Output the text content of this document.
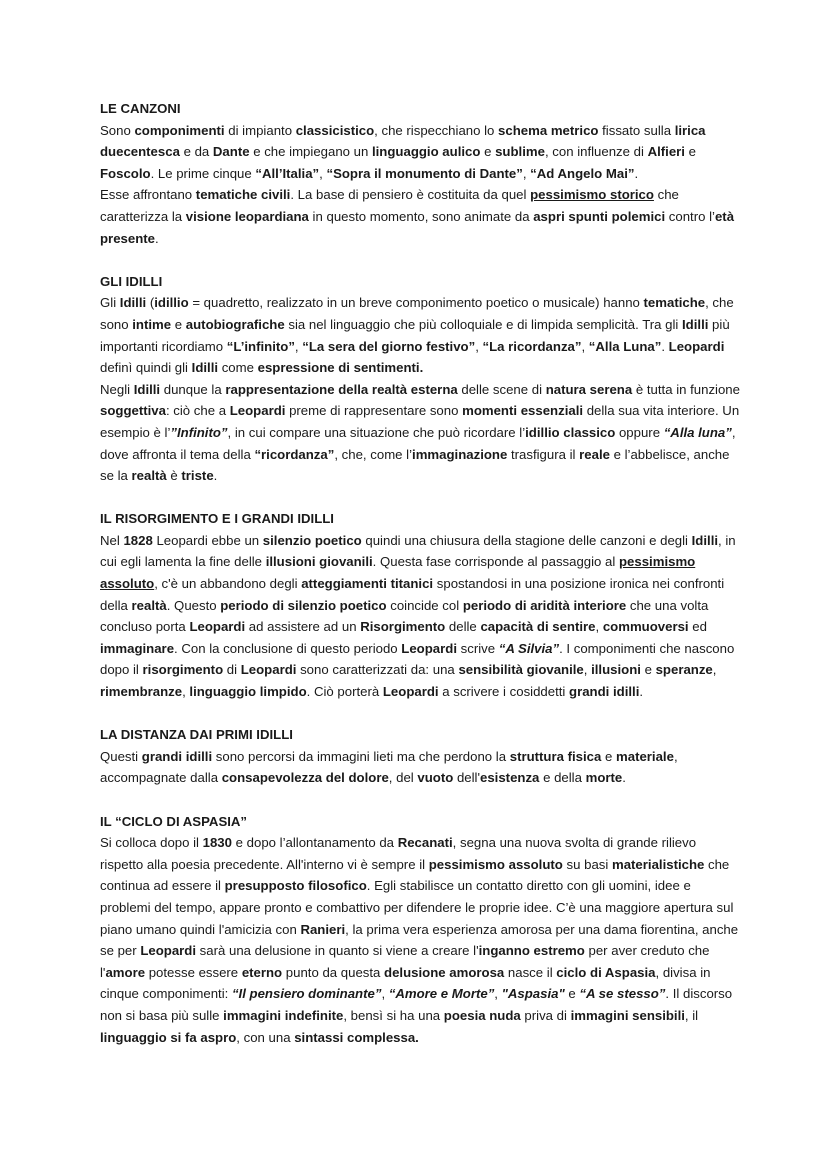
LE CANZONI

Sono componimenti di impianto classicistico, che rispecchiano lo schema metrico fissato sulla lirica duecentesca e da Dante e che impiegano un linguaggio aulico e sublime, con influenze di Alfieri e Foscolo. Le prime cinque “All’Italia”, “Sopra il monumento di Dante”, “Ad Angelo Mai”.

Esse affrontano tematiche civili. La base di pensiero è costituita da quel pessimismo storico che caratterizza la visione leopardiana in questo momento, sono animate da aspri spunti polemici contro l’età presente.

GLI IDILLI

Gli Idilli (idillio = quadretto, realizzato in un breve componimento poetico o musicale) hanno tematiche, che sono intime e autobiografiche sia nel linguaggio che più colloquiale e di limpida semplicità. Tra gli Idilli più importanti ricordiamo “L’infinito”, “La sera del giorno festivo”, “La ricordanza”, “Alla Luna”. Leopardi definì quindi gli Idilli come espressione di sentimenti.

Negli Idilli dunque la rappresentazione della realtà esterna delle scene di natura serena è tutta in funzione soggettiva: ciò che a Leopardi preme di rappresentare sono momenti essenziali della sua vita interiore. Un esempio è l’”Infinito”, in cui compare una situazione che può ricordare l’idillio classico oppure “Alla luna”, dove affronta il tema della “ricordanza”, che, come l’immaginazione trasfigura il reale e l’abbelisce, anche se la realtà è triste.

IL RISORGIMENTO E I GRANDI IDILLI

Nel 1828 Leopardi ebbe un silenzio poetico quindi una chiusura della stagione delle canzoni e degli Idilli, in cui egli lamenta la fine delle illusioni giovanili. Questa fase corrisponde al passaggio al pessimismo assoluto, c'è un abbandono degli atteggiamenti titanici spostandosi in una posizione ironica nei confronti della realtà. Questo periodo di silenzio poetico coincide col periodo di aridità interiore che una volta concluso porta Leopardi ad assistere ad un Risorgimento delle capacità di sentire, commuoversi ed immaginare. Con la conclusione di questo periodo Leopardi scrive “A Silvia”. I componimenti che nascono dopo il risorgimento di Leopardi sono caratterizzati da: una sensibilità giovanile, illusioni e speranze, rimembranze, linguaggio limpido. Ciò porterà Leopardi a scrivere i cosiddetti grandi idilli.

LA DISTANZA DAI PRIMI IDILLI

Questi grandi idilli sono percorsi da immagini lieti ma che perdono la struttura fisica e materiale, accompagnate dalla consapevolezza del dolore, del vuoto dell'esistenza e della morte.

IL “CICLO DI ASPASIA”

Si colloca dopo il 1830 e dopo l’allontanamento da Recanati, segna una nuova svolta di grande rilievo rispetto alla poesia precedente. All'interno vi è sempre il pessimismo assoluto su basi materialistiche che continua ad essere il presupposto filosofico. Egli stabilisce un contatto diretto con gli uomini, idee e problemi del tempo, appare pronto e combattivo per difendere le proprie idee. C’è una maggiore apertura sul piano umano quindi l'amicizia con Ranieri, la prima vera esperienza amorosa per una dama fiorentina, anche se per Leopardi sarà una delusione in quanto si viene a creare l'inganno estremo per aver creduto che l'amore potesse essere eterno punto da questa delusione amorosa nasce il ciclo di Aspasia, divisa in cinque componimenti: “Il pensiero dominante”, “Amore e Morte”, "Aspasia" e “A se stesso”. Il discorso non si basa più sulle immagini indefinite, bensì si ha una poesia nuda priva di immagini sensibili, il linguaggio si fa aspro, con una sintassi complessa.
